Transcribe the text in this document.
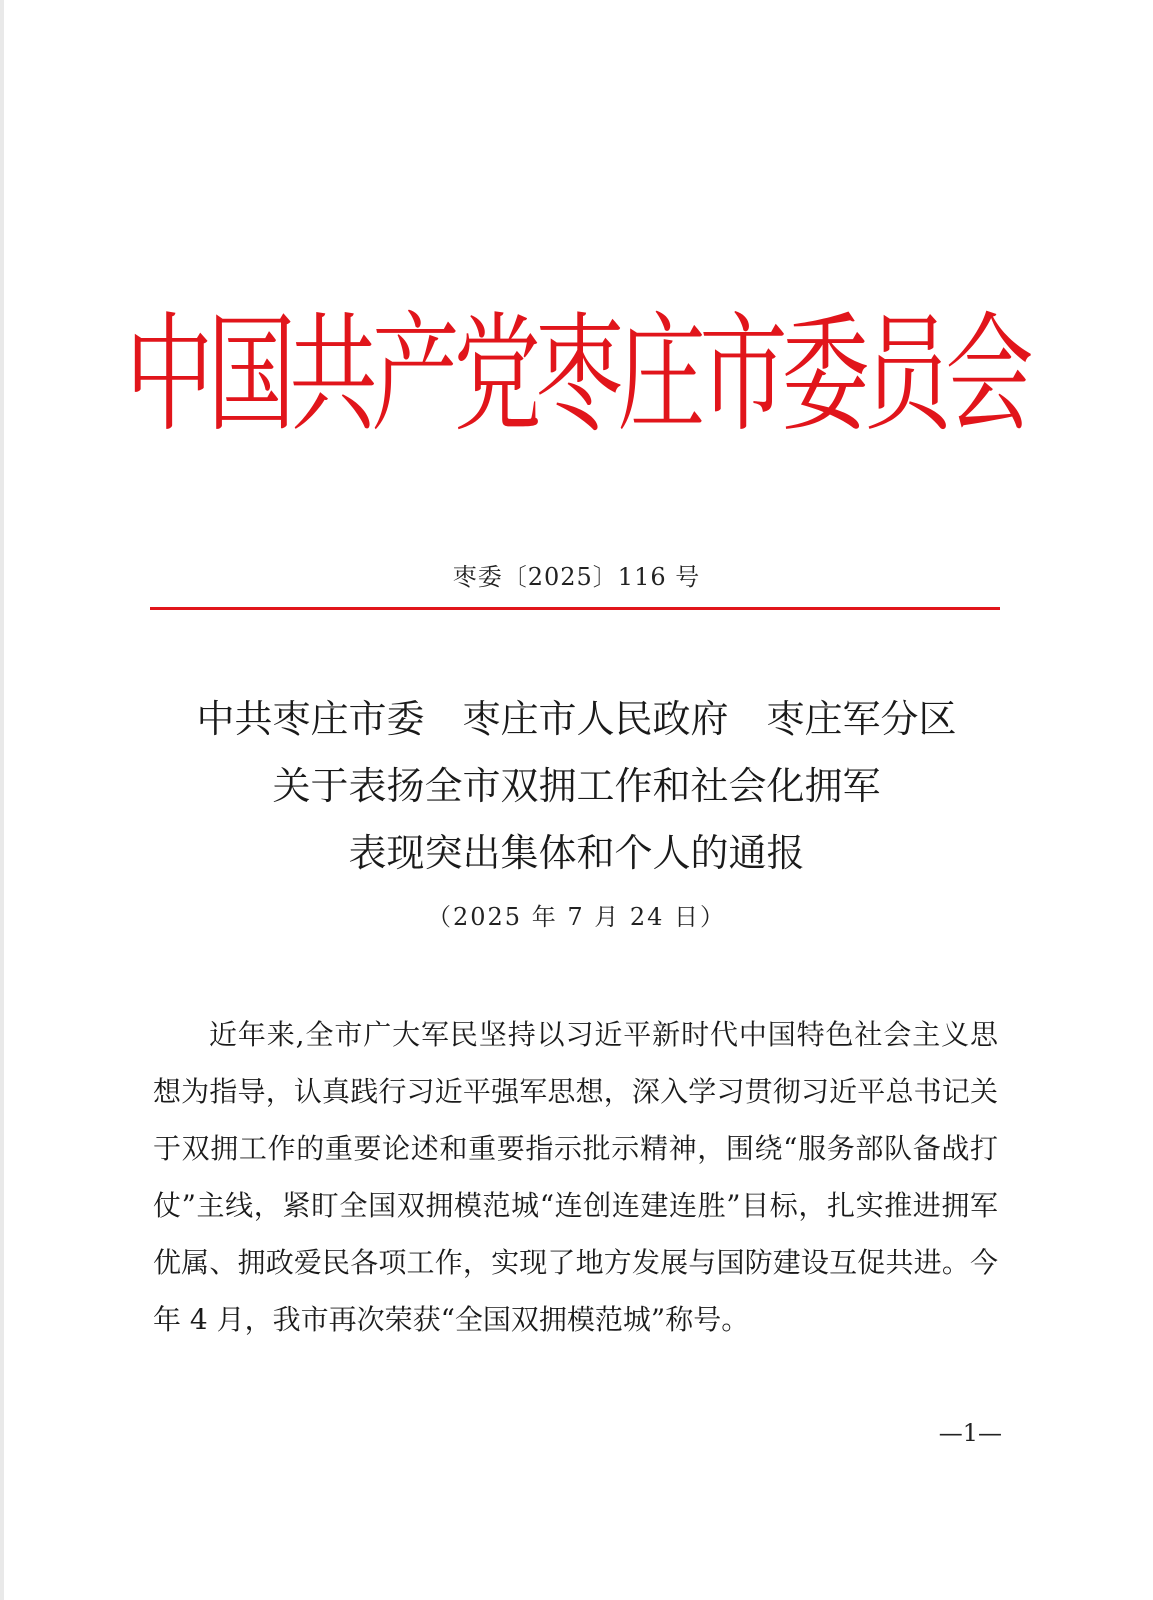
中国共产党枣庄市委员会
枣委〔2025〕116 号
中共枣庄市委　枣庄市人民政府　枣庄军分区
关于表扬全市双拥工作和社会化拥军
表现突出集体和个人的通报
（2025 年 7 月 24 日）

近年来,全市广大军民坚持以习近平新时代中国特色社会主义思想为指导，认真践行习近平强军思想，深入学习贯彻习近平总书记关于双拥工作的重要论述和重要指示批示精神，围绕“服务部队备战打仗”主线，紧盯全国双拥模范城“连创连建连胜”目标，扎实推进拥军优属、拥政爱民各项工作，实现了地方发展与国防建设互促共进。今年 4 月，我市再次荣获“全国双拥模范城”称号。

—1—
